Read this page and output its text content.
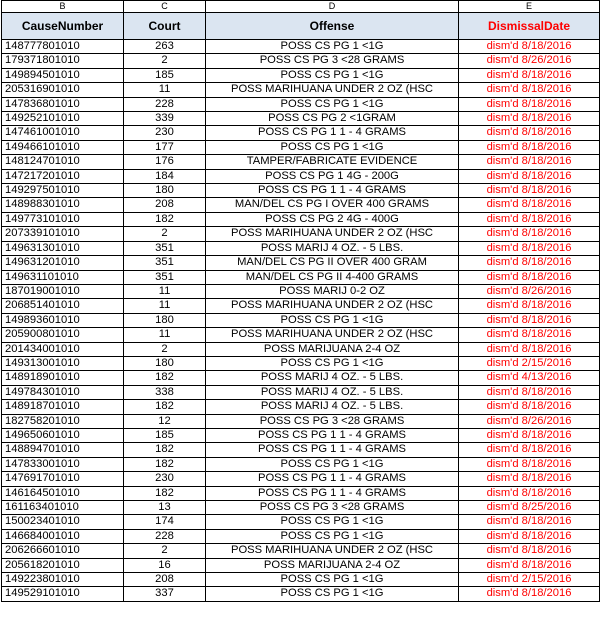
B	C	D	E
CauseNumber	Court	Offense	DismissalDate
148777801010	263	POSS CS PG 1 <1G	dism'd 8/18/2016
179371801010	2	POSS CS PG 3 <28 GRAMS	dism'd 8/26/2016
149894501010	185	POSS CS PG 1 <1G	dism'd 8/18/2016
205316901010	11	POSS MARIHUANA UNDER 2 OZ (HSC	dism'd 8/18/2016
147836801010	228	POSS CS PG 1 <1G	dism'd 8/18/2016
149252101010	339	POSS CS PG 2 <1GRAM	dism'd 8/18/2016
147461001010	230	POSS CS PG 1 1 - 4 GRAMS	dism'd 8/18/2016
149466101010	177	POSS CS PG 1 <1G	dism'd 8/18/2016
148124701010	176	TAMPER/FABRICATE EVIDENCE	dism'd 8/18/2016
147217201010	184	POSS CS PG 1 4G - 200G	dism'd 8/18/2016
149297501010	180	POSS CS PG 1 1 - 4 GRAMS	dism'd 8/18/2016
148988301010	208	MAN/DEL CS PG I OVER 400 GRAMS	dism'd 8/18/2016
149773101010	182	POSS CS PG 2 4G - 400G	dism'd 8/18/2016
207339101010	2	POSS MARIHUANA UNDER 2 OZ (HSC	dism'd 8/18/2016
149631301010	351	POSS MARIJ 4 OZ. - 5 LBS.	dism'd 8/18/2016
149631201010	351	MAN/DEL CS PG II OVER 400 GRAM	dism'd 8/18/2016
149631101010	351	MAN/DEL CS PG II 4-400 GRAMS	dism'd 8/18/2016
187019001010	11	POSS MARIJ 0-2 OZ	dism'd 8/26/2016
206851401010	11	POSS MARIHUANA UNDER 2 OZ (HSC	dism'd 8/18/2016
149893601010	180	POSS CS PG 1 <1G	dism'd 8/18/2016
205900801010	11	POSS MARIHUANA UNDER 2 OZ (HSC	dism'd 8/18/2016
201434001010	2	POSS MARIJUANA 2-4 OZ	dism'd 8/18/2016
149313001010	180	POSS CS PG 1 <1G	dism'd 2/15/2016
148918901010	182	POSS MARIJ 4 OZ. - 5 LBS.	dism'd 4/13/2016
149784301010	338	POSS MARIJ 4 OZ. - 5 LBS.	dism'd 8/18/2016
148918701010	182	POSS MARIJ 4 OZ. - 5 LBS.	dism'd 8/18/2016
182758201010	12	POSS CS PG 3 <28 GRAMS	dism'd 8/26/2016
149650601010	185	POSS CS PG 1 1 - 4 GRAMS	dism'd 8/18/2016
148894701010	182	POSS CS PG 1 1 - 4 GRAMS	dism'd 8/18/2016
147833001010	182	POSS CS PG 1 <1G	dism'd 8/18/2016
147691701010	230	POSS CS PG 1 1 - 4 GRAMS	dism'd 8/18/2016
146164501010	182	POSS CS PG 1 1 - 4 GRAMS	dism'd 8/18/2016
161163401010	13	POSS CS PG 3 <28 GRAMS	dism'd 8/25/2016
150023401010	174	POSS CS PG 1 <1G	dism'd 8/18/2016
146684001010	228	POSS CS PG 1 <1G	dism'd 8/18/2016
206266601010	2	POSS MARIHUANA UNDER 2 OZ (HSC	dism'd 8/18/2016
205618201010	16	POSS MARIJUANA 2-4 OZ	dism'd 8/18/2016
149223801010	208	POSS CS PG 1 <1G	dism'd 2/15/2016
149529101010	337	POSS CS PG 1 <1G	dism'd 8/18/2016
